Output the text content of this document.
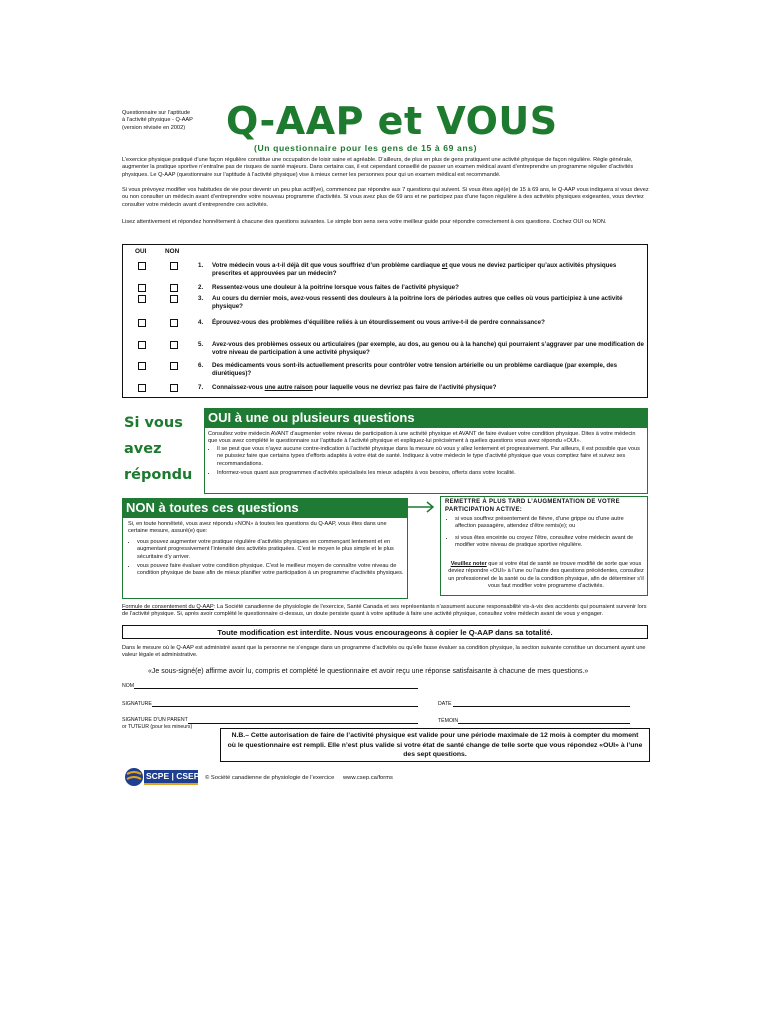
Questionnaire sur l’aptitude
à l’activité physique - Q-AAP
(version révisée en 2002)	Q-AAP et VOUS
(Un questionnaire pour les gens de 15 à 69 ans)
L’exercice physique pratiqué d’une façon régulière constitue une occupation de loisir saine et agréable. D’ailleurs, de plus en plus de gens pratiquent une activité physique de façon régulière. Règle générale, augmenter la pratique sportive n’entraîne pas de risques de santé majeurs. Dans certains cas, il est cependant conseillé de passer un examen médical avant d’entreprendre un programme régulier d’activités physiques. Le Q-AAP (questionnaire sur l’aptitude à l’activité physique) vise à mieux cerner les personnes pour qui un examen médical est recommandé.
Si vous prévoyez modifier vos habitudes de vie pour devenir un peu plus actif(ve), commencez par répondre aux 7 questions qui suivent. Si vous êtes agé(e) de 15 à 69 ans, le Q-AAP vous indiquera si vous devez ou non consulter un médecin avant d’entreprendre votre nouveau programme d’activités. Si vous avez plus de 69 ans et ne participez pas d’une façon régulière à des activités physiques exigeantes, vous devriez consulter votre médecin avant d’entreprendre ces activités.
Lisez attentivement et répondez honnêtement à chacune des questions suivantes. Le simple bon sens sera votre meilleur guide pour répondre correctement à ces questions. Cochez OUI ou NON.
OUI	NON
1. Votre médecin vous a-t-il déjà dit que vous souffriez d’un problème cardiaque et que vous ne deviez participer qu’aux activités physiques prescrites et approuvées par un médecin?
2. Ressentez-vous une douleur à la poitrine lorsque vous faites de l’activité physique?
3. Au cours du dernier mois, avez-vous ressenti des douleurs à la poitrine lors de périodes autres que celles où vous participiez à une activité physique?
4. Éprouvez-vous des problèmes d’équilibre reliés à un étourdissement ou vous arrive-t-il de perdre connaissance?
5. Avez-vous des problèmes osseux ou articulaires (par exemple, au dos, au genou ou à la hanche) qui pourraient s’aggraver par une modification de votre niveau de participation à une activité physique?
6. Des médicaments vous sont-ils actuellement prescrits pour contrôler votre tension artérielle ou un problème cardiaque (par exemple, des diurétiques)?
7. Connaissez-vous une autre raison pour laquelle vous ne devriez pas faire de l’activité physique?
Si vous
avez
répondu
OUI à une ou plusieurs questions
Consultez votre médecin AVANT d’augmenter votre niveau de participation à une activité physique et AVANT de faire évaluer votre condition physique. Dites à votre médecin que vous avez complété le questionnaire sur l’aptitude à l’activité physique et expliquez-lui précisément à quelles questions vous avez répondu «OUI».
• Il se peut que vous n’ayez aucune contre-indication à l’activité physique dans la mesure où vous y allez lentement et progressivement. Par ailleurs, il est possible que vous ne puissiez faire que certains types d’efforts adaptés à votre état de santé. Indiquez à votre médecin le type d’activité physique que vous comptiez faire et suivez ses recommandations.
• Informez-vous quant aux programmes d’activités spécialisés les mieux adaptés à vos besoins, offerts dans votre localité.
NON à toutes ces questions
Si, en toute honnêteté, vous avez répondu «NON» à toutes les questions du Q-AAP, vous êtes dans une certaine mesure, assuré(e) que:
• vous pouvez augmenter votre pratique régulière d’activités physiques en commençant lentement et en augmentant progressivement l’intensité des activités pratiquées. C’est le moyen le plus simple et le plus sécuritaire d’y arriver.
• vous pouvez faire évaluer votre condition physique. C’est le meilleur moyen de connaître votre niveau de condition physique de base afin de mieux planifier votre participation à un programme d’activités physiques.
REMETTRE À PLUS TARD L’AUGMENTATION DE VOTRE PARTICIPATION ACTIVE:
• si vous souffrez présentement de fièvre, d’une grippe ou d’une autre affection passagère, attendez d’être remis(e); ou
• si vous êtes enceinte ou croyez l’être, consultez votre médecin avant de modifier votre niveau de pratique sportive régulière.
Veuillez noter que si votre état de santé se trouve modifié de sorte que vous deviez répondre «OUI» à l’une ou l’autre des questions précédentes, consultez un professionnel de la santé ou de la condition physique, afin de déterminer s’il vous faut modifier votre programme d’activités.
Formule de consentement du Q-AAP: La Société canadienne de physiologie de l’exercice, Santé Canada et ses représentants n’assument aucune responsabilité vis-à-vis des accidents qui pourraient survenir lors de l’activité physique. Si, après avoir complété le questionnaire ci-dessus, un doute persiste quant à votre aptitude à faire une activité physique, consultez votre médecin avant de vous y engager.
Toute modification est interdite. Nous vous encourageons à copier le Q-AAP dans sa totalité.
Dans le mesure où le Q-AAP est administré avant que la personne ne s’engage dans un programme d’activités ou qu’elle fasse évaluer sa condition physique, la section suivante constitue un document ayant une valeur légale et administrative.
«Je sous-signé(e) affirme avoir lu, compris et complété le questionnaire et avoir reçu une réponse satisfaisante à chacune de mes questions.»
NOM
SIGNATURE	DATE
SIGNATURE D’UN PARENT
or TUTEUR (pour les mineurs)
TÉMOIN
N.B.– Cette autorisation de faire de l’activité physique est valide pour une période maximale de 12 mois à compter du moment où le questionnaire est rempli. Elle n’est plus valide si votre état de santé change de telle sorte que vous répondez «OUI» à l’une des sept questions.
SCPE | CSEP © Société canadienne de physiologie de l’exercice www.csep.ca/forms
